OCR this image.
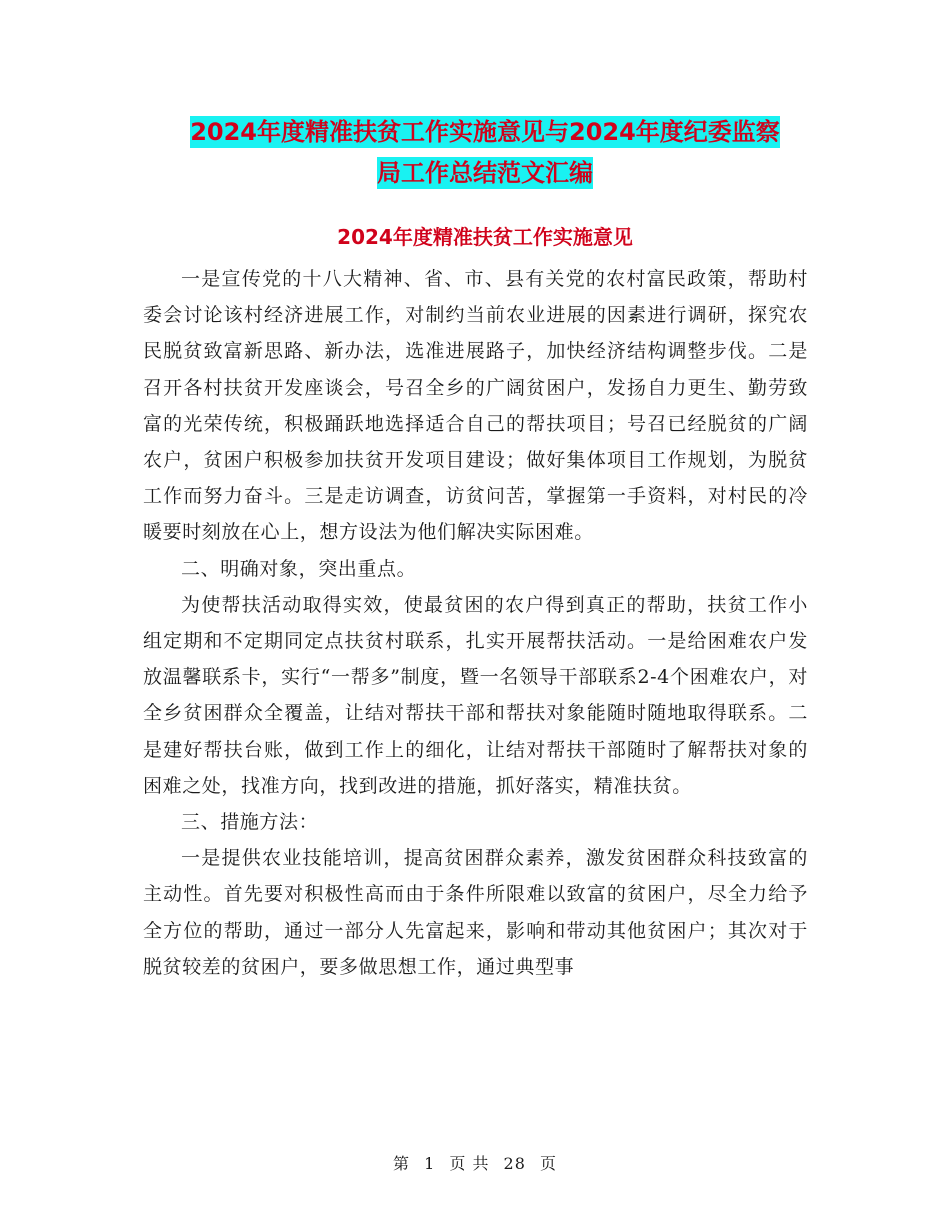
2024年度精准扶贫工作实施意见与2024年度纪委监察
局工作总结范文汇编
2024年度精准扶贫工作实施意见

一是宣传党的十八大精神、省、市、县有关党的农村富民政策，帮助村委会讨论该村经济进展工作，对制约当前农业进展的因素进行调研，探究农民脱贫致富新思路、新办法，选准进展路子，加快经济结构调整步伐。二是召开各村扶贫开发座谈会，号召全乡的广阔贫困户，发扬自力更生、勤劳致富的光荣传统，积极踊跃地选择适合自己的帮扶项目；号召已经脱贫的广阔农户，贫困户积极参加扶贫开发项目建设；做好集体项目工作规划，为脱贫工作而努力奋斗。三是走访调查，访贫问苦，掌握第一手资料，对村民的冷暖要时刻放在心上，想方设法为他们解决实际困难。

二、明确对象，突出重点。

为使帮扶活动取得实效，使最贫困的农户得到真正的帮助，扶贫工作小组定期和不定期同定点扶贫村联系，扎实开展帮扶活动。一是给困难农户发放温馨联系卡，实行“一帮多”制度，暨一名领导干部联系2-4个困难农户，对全乡贫困群众全覆盖，让结对帮扶干部和帮扶对象能随时随地取得联系。二是建好帮扶台账，做到工作上的细化，让结对帮扶干部随时了解帮扶对象的困难之处，找准方向，找到改进的措施，抓好落实，精准扶贫。

三、措施方法：

一是提供农业技能培训，提高贫困群众素养，激发贫困群众科技致富的主动性。首先要对积极性高而由于条件所限难以致富的贫困户，尽全力给予全方位的帮助，通过一部分人先富起来，影响和带动其他贫困户；其次对于脱贫较差的贫困户，要多做思想工作，通过典型事

第 1 页 共 28 页
